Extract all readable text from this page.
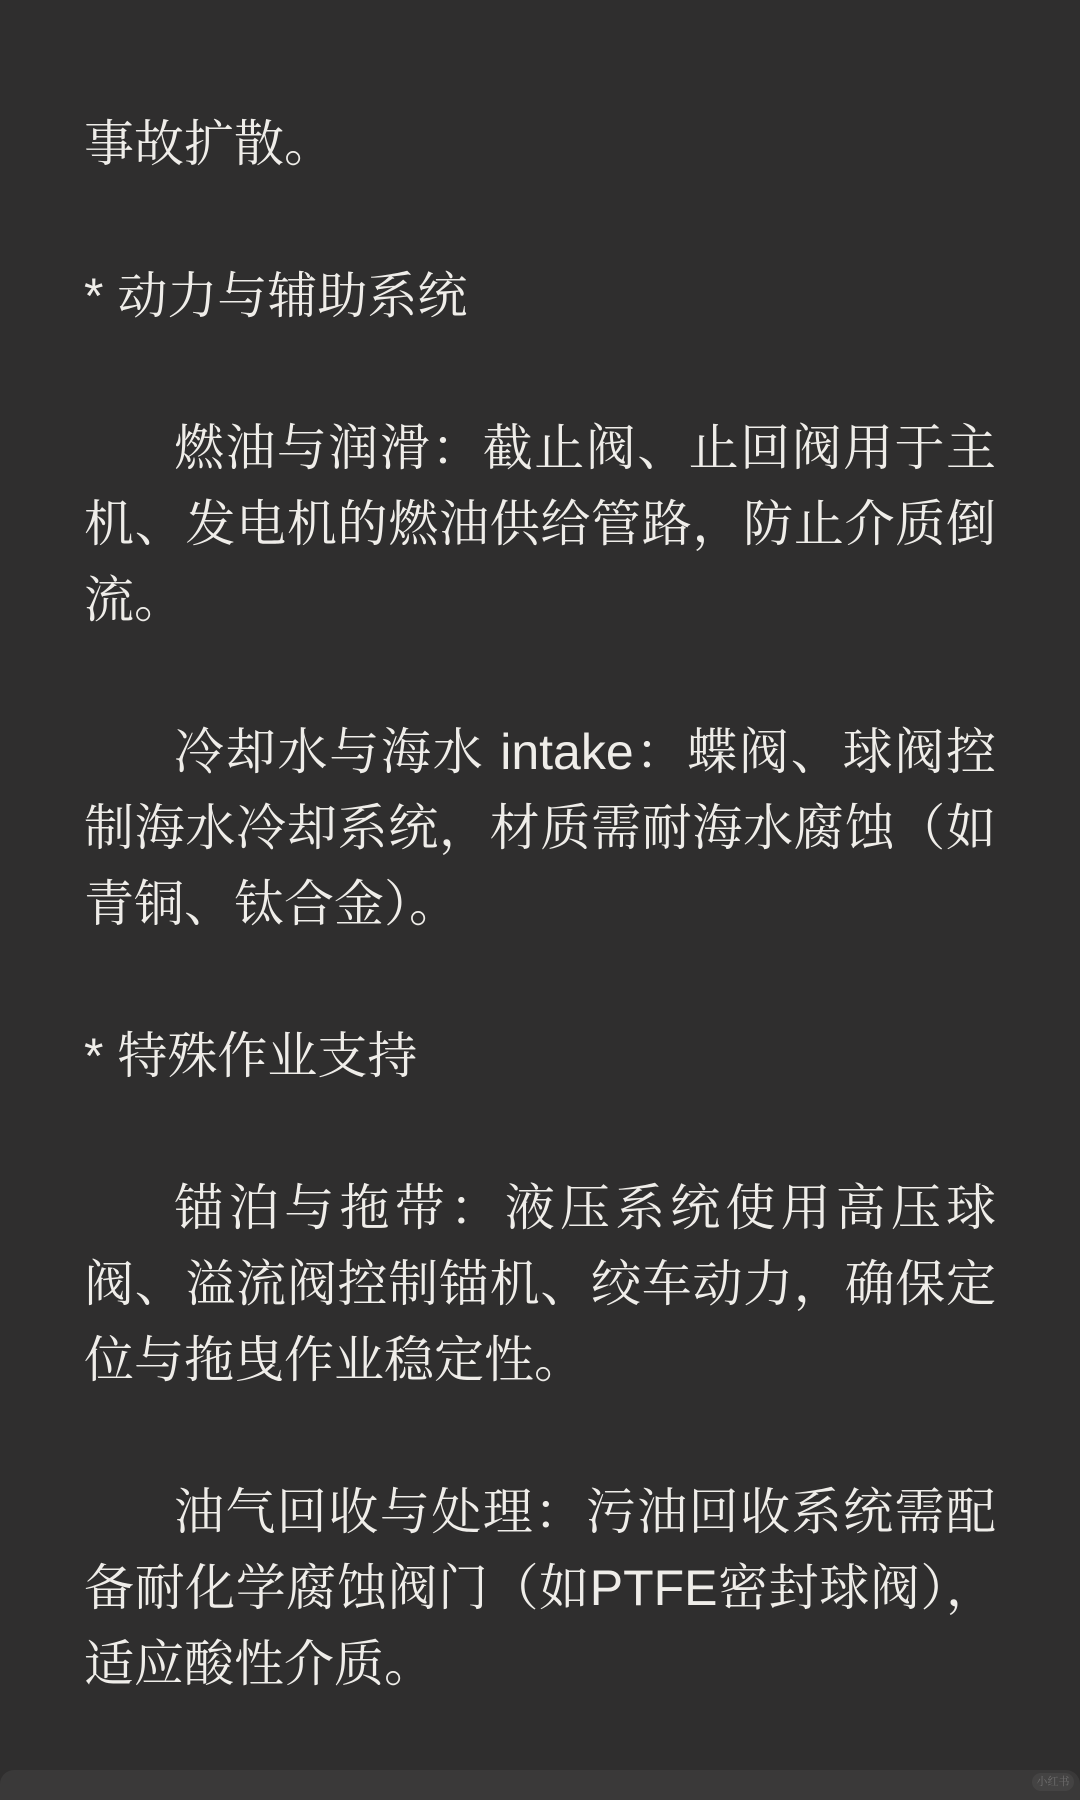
事故扩散。

* 动力与辅助系统

燃油与润滑：截止阀、止回阀用于主机、发电机的燃油供给管路，防止介质倒流。

冷却水与海水 intake：蝶阀、球阀控制海水冷却系统，材质需耐海水腐蚀（如青铜、钛合金）。

* 特殊作业支持

锚泊与拖带：液压系统使用高压球阀、溢流阀控制锚机、绞车动力，确保定位与拖曳作业稳定性。

油气回收与处理：污油回收系统需配备耐化学腐蚀阀门（如PTFE密封球阀），适应酸性介质。

小红书
